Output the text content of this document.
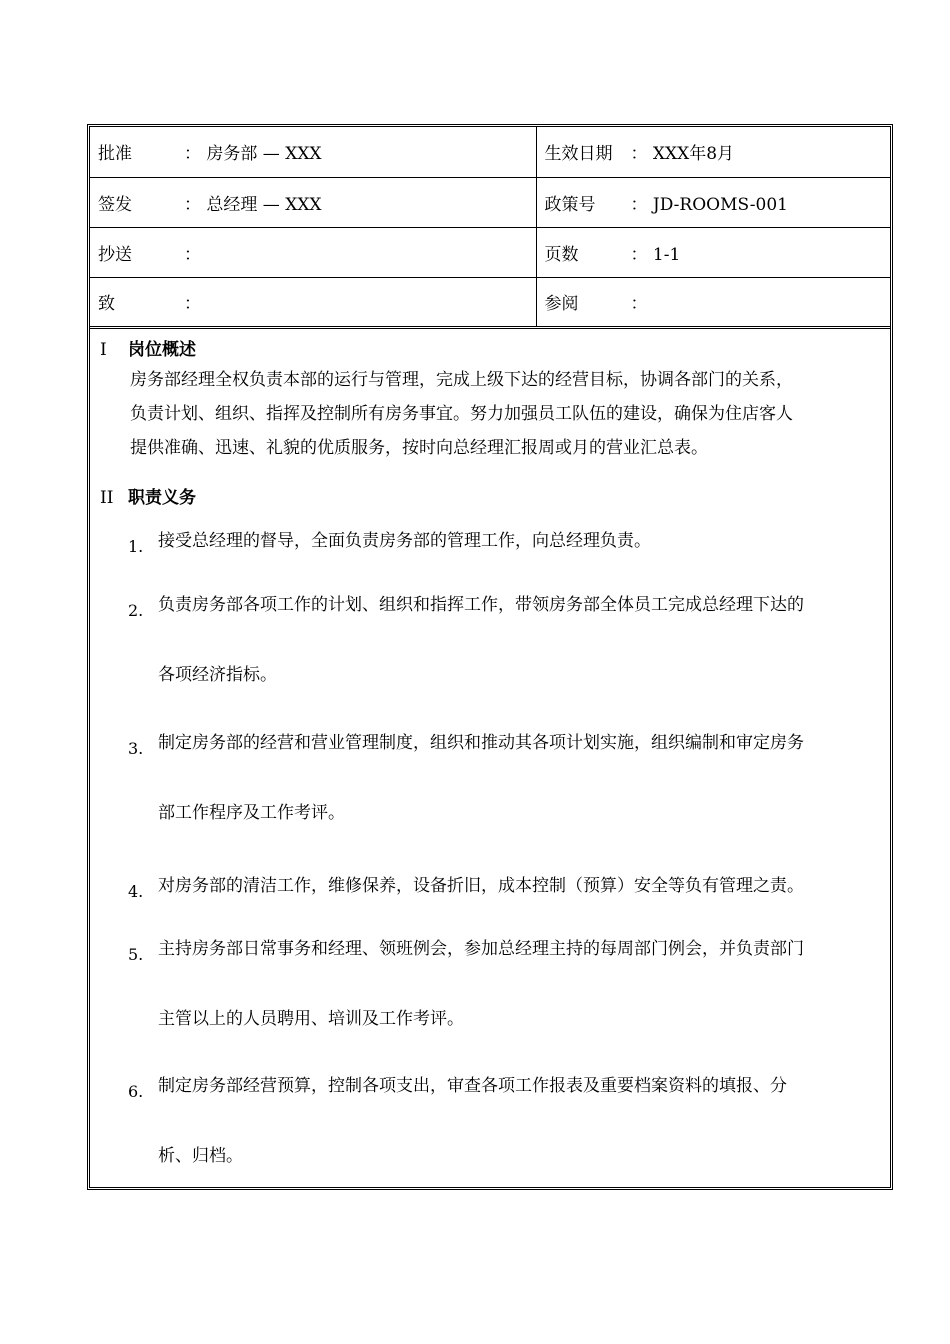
批准 ： 房务部 — XXX	生效日期 ： XXX年8月
签发 ： 总经理 — XXX	政策号 ： JD-ROOMS-001
抄送 ：	页数 ： 1-1
致 ：	参阅 ：
I 岗位概述
房务部经理全权负责本部的运行与管理，完成上级下达的经营目标，协调各部门的关系，
负责计划、组织、指挥及控制所有房务事宜。努力加强员工队伍的建设，确保为住店客人
提供准确、迅速、礼貌的优质服务，按时向总经理汇报周或月的营业汇总表。
II 职责义务
1. 接受总经理的督导，全面负责房务部的管理工作，向总经理负责。
2. 负责房务部各项工作的计划、组织和指挥工作，带领房务部全体员工完成总经理下达的
各项经济指标。
3. 制定房务部的经营和营业管理制度，组织和推动其各项计划实施，组织编制和审定房务
部工作程序及工作考评。
4. 对房务部的清洁工作，维修保养，设备折旧，成本控制（预算）安全等负有管理之责。
5. 主持房务部日常事务和经理、领班例会，参加总经理主持的每周部门例会，并负责部门
主管以上的人员聘用、培训及工作考评。
6. 制定房务部经营预算，控制各项支出，审查各项工作报表及重要档案资料的填报、分
析、归档。
